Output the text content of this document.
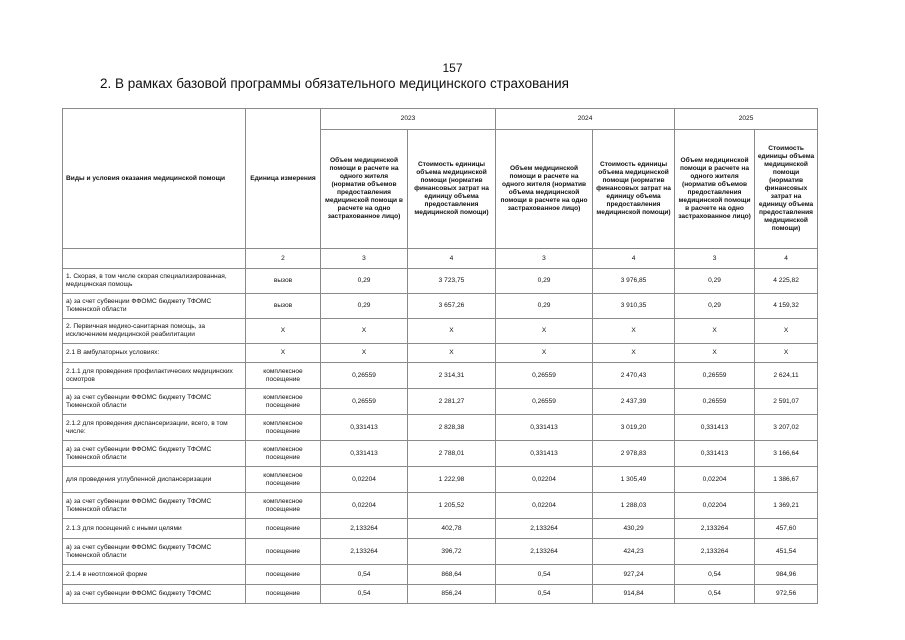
157
2. В рамках базовой программы обязательного медицинского страхования
Виды и условия оказания медицинской помощи	Единица измерения	2023		2024		2025	
		Объем медицинской помощи в расчете на одного жителя (норматив объемов предоставления медицинской помощи в расчете на одно застрахованное лицо)	Стоимость единицы объема медицинской помощи (норматив финансовых затрат на единицу объема предоставления медицинской помощи)	Объем медицинской помощи в расчете на одного жителя (норматив объема медицинской помощи в расчете на одно застрахованное лицо)	Стоимость единицы объема медицинской помощи (норматив финансовых затрат на единицу объема предоставления медицинской помощи)	Объем медицинской помощи в расчете на одного жителя (норматив объемов предоставления медицинской помощи в расчете на одно застрахованное лицо)	Стоимость единицы объема медицинской помощи (норматив финансовых затрат на единицу объема предоставления медицинской помощи)
	2	3	4	3	4	3	4
1. Скорая, в том числе скорая специализированная, медицинская помощь	вызов	0,29	3 723,75	0,29	3 976,85	0,29	4 225,82
а) за счет субвенции ФФОМС бюджету ТФОМС Тюменской области	вызов	0,29	3 657,26	0,29	3 910,35	0,29	4 159,32
2. Первичная медико-санитарная помощь, за исключением медицинской реабилитации	X	X	X	X	X	X	X
2.1 В амбулаторных условиях:	X	X	X	X	X	X	X
2.1.1 для проведения профилактических медицинских осмотров	комплексное посещение	0,26559	2 314,31	0,26559	2 470,43	0,26559	2 624,11
а) за счет субвенции ФФОМС бюджету ТФОМС Тюменской области	комплексное посещение	0,26559	2 281,27	0,26559	2 437,39	0,26559	2 591,07
2.1.2 для проведения диспансеризации, всего, в том числе:	комплексное посещение	0,331413	2 828,38	0,331413	3 019,20	0,331413	3 207,02
а) за счет субвенции ФФОМС бюджету ТФОМС Тюменской области	комплексное посещение	0,331413	2 788,01	0,331413	2 978,83	0,331413	3 166,64
для проведения углубленной диспансеризации	комплексное посещение	0,02204	1 222,98	0,02204	1 305,49	0,02204	1 386,67
а) за счет субвенции ФФОМС бюджету ТФОМС Тюменской области	комплексное посещение	0,02204	1 205,52	0,02204	1 288,03	0,02204	1 369,21
2.1.3 для посещений с иными целями	посещение	2,133264	402,78	2,133264	430,29	2,133264	457,60
а) за счет субвенции ФФОМС бюджету ТФОМС Тюменской области	посещение	2,133264	396,72	2,133264	424,23	2,133264	451,54
2.1.4 в неотложной форме	посещение	0,54	868,64	0,54	927,24	0,54	984,96
а) за счет субвенции ФФОМС бюджету ТФОМС	посещение	0,54	856,24	0,54	914,84	0,54	972,56
